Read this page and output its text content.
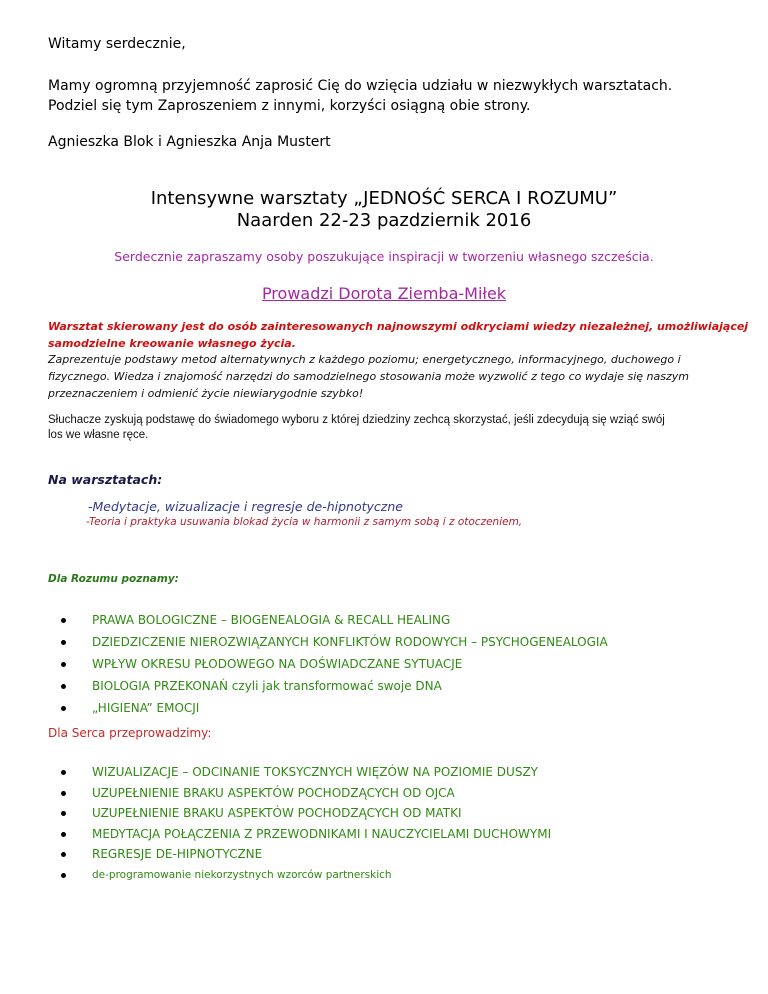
Witamy serdecznie,
Mamy ogromną przyjemność zaprosić Cię do wzięcia udziału w niezwykłych warsztatach.
Podziel się tym Zaproszeniem z innymi, korzyści osiągną obie strony.
Agnieszka Blok i Agnieszka Anja Mustert
Intensywne warsztaty „JEDNOŚĆ SERCA I ROZUMU”
Naarden 22-23 pazdziernik 2016
Serdecznie zapraszamy osoby poszukujące inspiracji w tworzeniu własnego szcześcia.
Prowadzi Dorota Ziemba-Miłek
Warsztat skierowany jest do osób zainteresowanych najnowszymi odkryciami wiedzy niezależnej, umożliwiającej
samodzielne kreowanie własnego życia.
Zaprezentuje podstawy metod alternatywnych z każdego poziomu; energetycznego, informacyjnego, duchowego i
fizycznego. Wiedza i znajomość narzędzi do samodzielnego stosowania może wyzwolić z tego co wydaje się naszym
przeznaczeniem i odmienić życie niewiarygodnie szybko!
Słuchacze zyskują podstawę do świadomego wyboru z której dziedziny zechcą skorzystać, jeśli zdecydują się wziąć swój
los we własne ręce.
Na warsztatach:
-Medytacje, wizualizacje i regresje de-hipnotyczne
-Teoria i praktyka usuwania blokad życia w harmonii z samym sobą i z otoczeniem,
Dla Rozumu poznamy:
PRAWA BOLOGICZNE – BIOGENEALOGIA & RECALL HEALING
DZIEDZICZENIE NIEROZWIĄZANYCH KONFLIKTÓW RODOWYCH – PSYCHOGENEALOGIA
WPŁYW OKRESU PŁODOWEGO NA DOŚWIADCZANE SYTUACJE
BIOLOGIA PRZEKONAŃ czyli jak transformować swoje DNA
„HIGIENA” EMOCJI
Dla Serca przeprowadzimy:
WIZUALIZACJE – ODCINANIE TOKSYCZNYCH WIĘZÓW NA POZIOMIE DUSZY
UZUPEŁNIENIE BRAKU ASPEKTÓW POCHODZĄCYCH OD OJCA
UZUPEŁNIENIE BRAKU ASPEKTÓW POCHODZĄCYCH OD MATKI
MEDYTACJA POŁĄCZENIA Z PRZEWODNIKAMI I NAUCZYCIELAMI DUCHOWYMI
REGRESJE DE-HIPNOTYCZNE
de-programowanie niekorzystnych wzorców partnerskich
